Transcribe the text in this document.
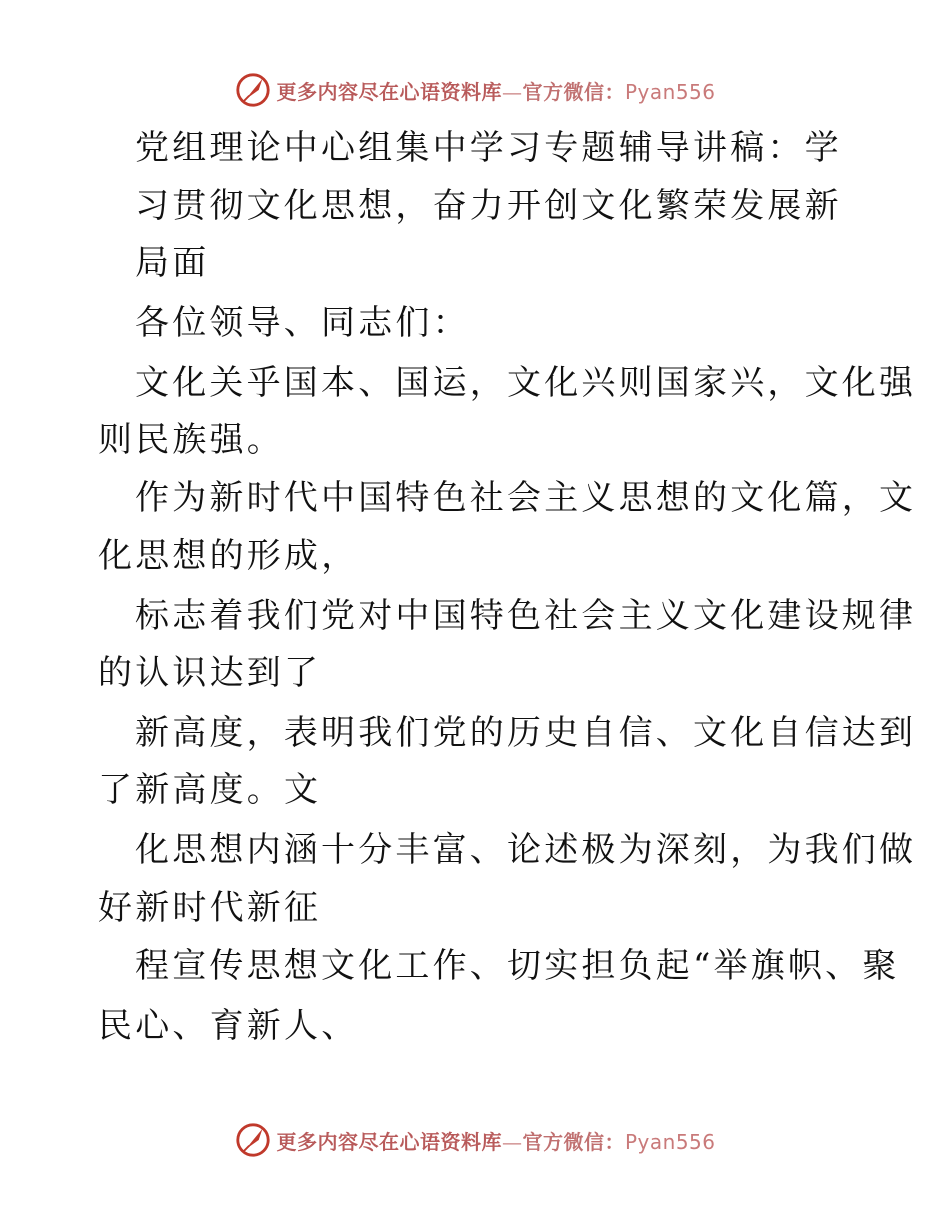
更多内容尽在心语资料库—官方微信：Pyan556
党组理论中心组集中学习专题辅导讲稿：学
习贯彻文化思想，奋力开创文化繁荣发展新
局面
各位领导、同志们：
文化关乎国本、国运，文化兴则国家兴，文化强
则民族强。
作为新时代中国特色社会主义思想的文化篇，文
化思想的形成，
标志着我们党对中国特色社会主义文化建设规律
的认识达到了
新高度，表明我们党的历史自信、文化自信达到
了新高度。文
化思想内涵十分丰富、论述极为深刻，为我们做
好新时代新征
程宣传思想文化工作、切实担负起“举旗帜、聚
民心、育新人、
更多内容尽在心语资料库—官方微信：Pyan556
